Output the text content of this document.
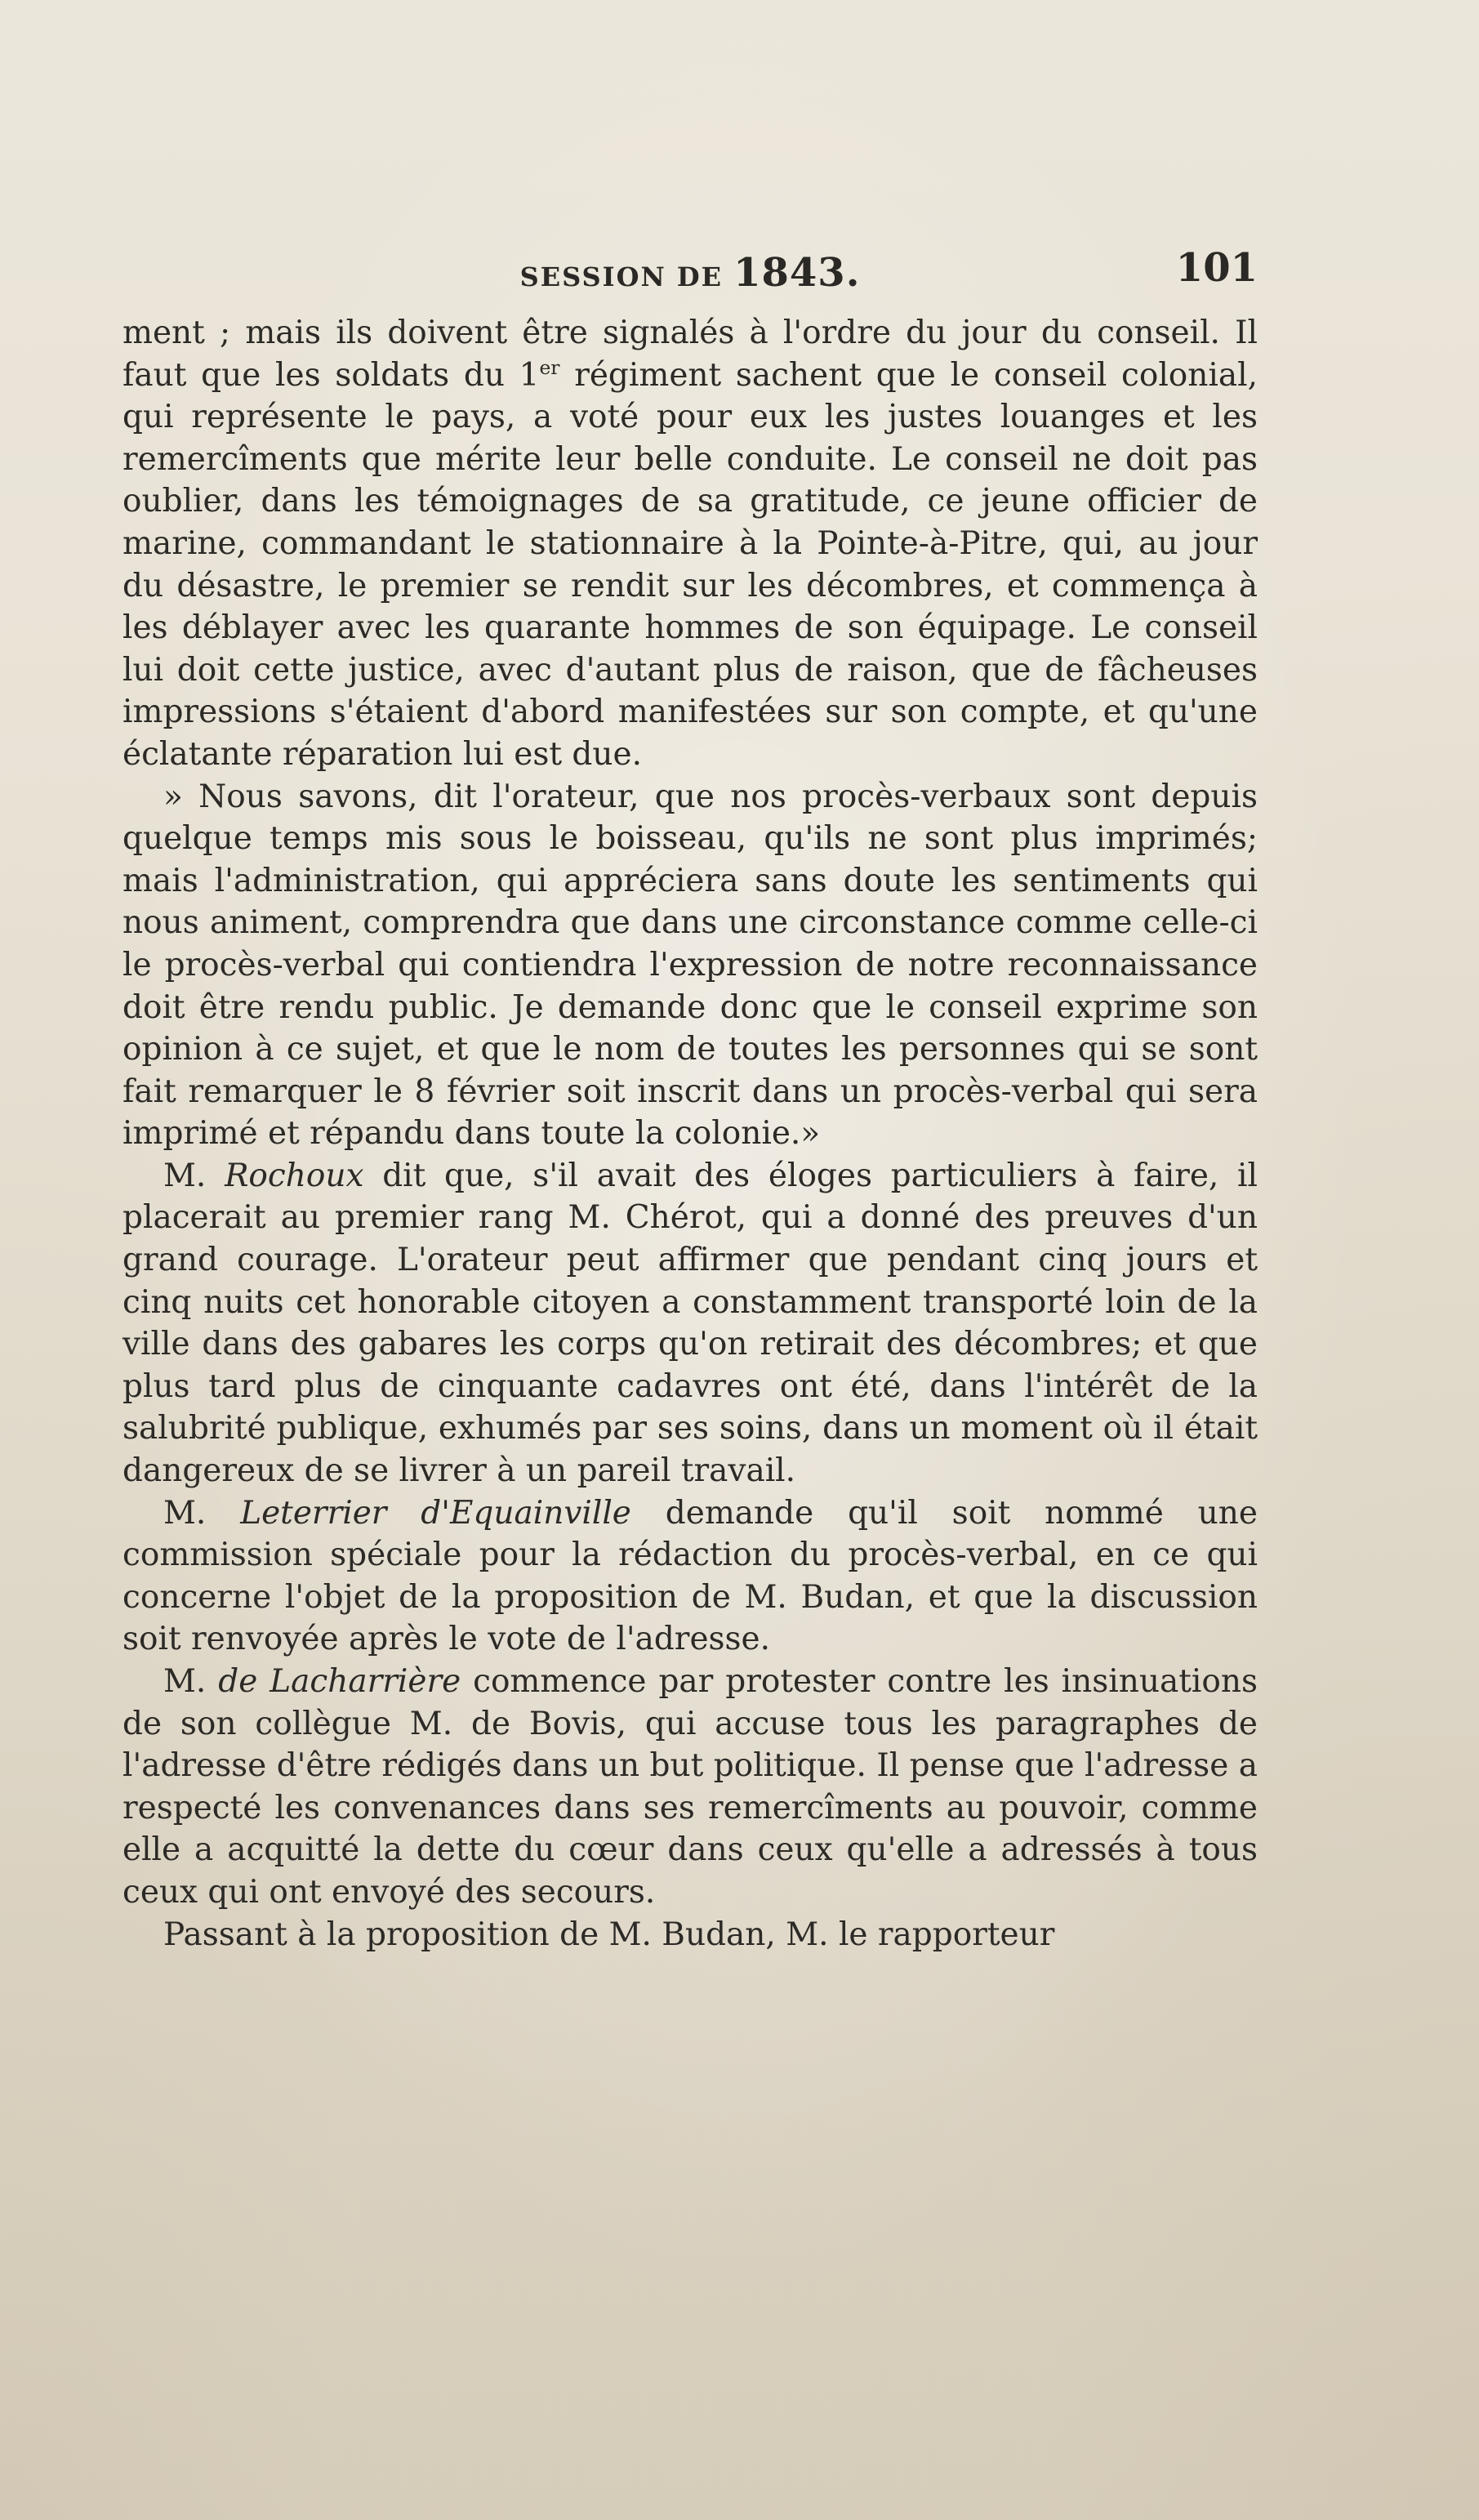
SESSION DE 1843.	101

ment ; mais ils doivent être signalés à l'ordre du jour du conseil. Il faut que les soldats du 1er régiment sachent que le conseil colonial, qui représente le pays, a voté pour eux les justes louanges et les remercîments que mérite leur belle conduite. Le conseil ne doit pas oublier, dans les témoignages de sa gratitude, ce jeune officier de marine, commandant le stationnaire à la Pointe-à-Pitre, qui, au jour du désastre, le premier se rendit sur les décombres, et commença à les déblayer avec les quarante hommes de son équipage. Le conseil lui doit cette justice, avec d'autant plus de raison, que de fâcheuses impressions s'étaient d'abord manifestées sur son compte, et qu'une éclatante réparation lui est due.

» Nous savons, dit l'orateur, que nos procès-verbaux sont depuis quelque temps mis sous le boisseau, qu'ils ne sont plus imprimés; mais l'administration, qui appréciera sans doute les sentiments qui nous animent, comprendra que dans une circonstance comme celle-ci le procès-verbal qui contiendra l'expression de notre reconnaissance doit être rendu public. Je demande donc que le conseil exprime son opinion à ce sujet, et que le nom de toutes les personnes qui se sont fait remarquer le 8 février soit inscrit dans un procès-verbal qui sera imprimé et répandu dans toute la colonie.»

M. Rochoux dit que, s'il avait des éloges particuliers à faire, il placerait au premier rang M. Chérot, qui a donné des preuves d'un grand courage. L'orateur peut affirmer que pendant cinq jours et cinq nuits cet honorable citoyen a constamment transporté loin de la ville dans des gabares les corps qu'on retirait des décombres; et que plus tard plus de cinquante cadavres ont été, dans l'intérêt de la salubrité publique, exhumés par ses soins, dans un moment où il était dangereux de se livrer à un pareil travail.

M. Leterrier d'Equainville demande qu'il soit nommé une commission spéciale pour la rédaction du procès-verbal, en ce qui concerne l'objet de la proposition de M. Budan, et que la discussion soit renvoyée après le vote de l'adresse.

M. de Lacharrière commence par protester contre les insinuations de son collègue M. de Bovis, qui accuse tous les paragraphes de l'adresse d'être rédigés dans un but politique. Il pense que l'adresse a respecté les convenances dans ses remercîments au pouvoir, comme elle a acquitté la dette du cœur dans ceux qu'elle a adressés à tous ceux qui ont envoyé des secours.

Passant à la proposition de M. Budan, M. le rapporteur
